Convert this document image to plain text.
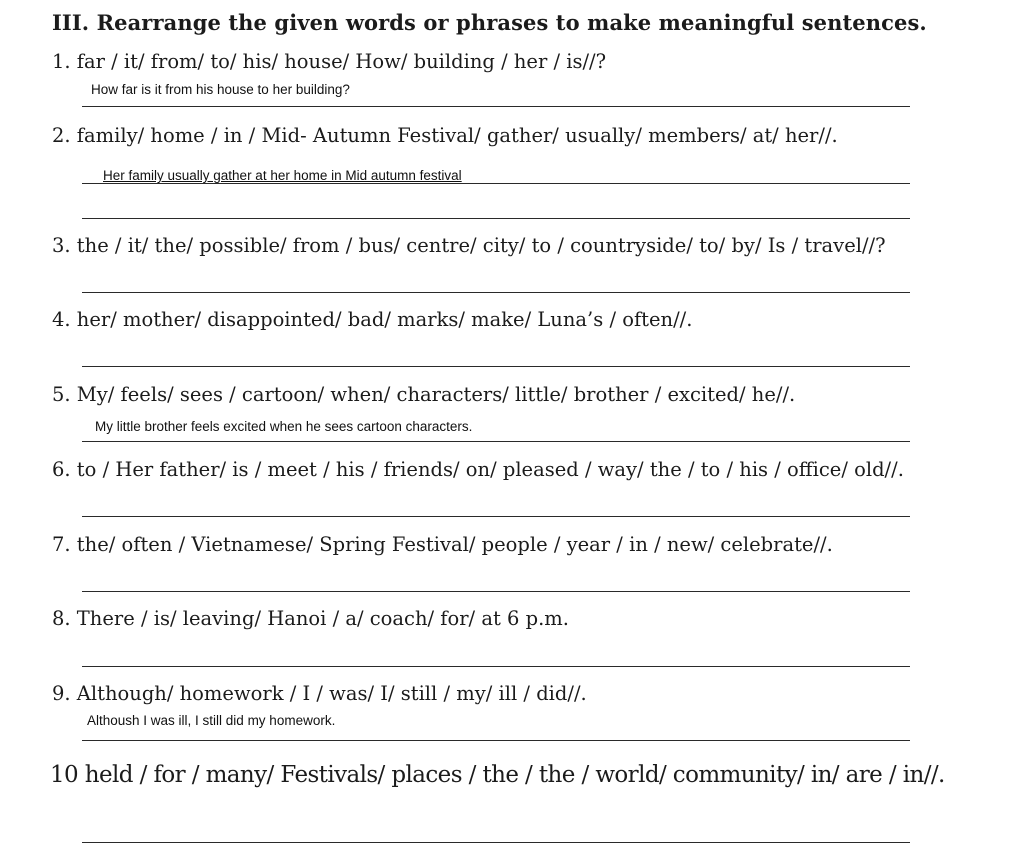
III. Rearrange the given words or phrases to make meaningful sentences.
1. far / it/ from/ to/ his/ house/ How/ building / her / is//?
How far is it from his house to her building?
2. family/ home / in / Mid- Autumn Festival/ gather/ usually/ members/ at/ her//.
Her family usually gather at her home in Mid autumn festival
3. the / it/ the/ possible/ from / bus/ centre/ city/ to / countryside/ to/ by/ Is / travel//?
4. her/ mother/ disappointed/ bad/ marks/ make/ Luna’s / often//.
5. My/ feels/ sees / cartoon/ when/ characters/ little/ brother / excited/ he//.
My little brother feels excited when he sees cartoon characters.
6. to / Her father/ is / meet / his / friends/ on/ pleased / way/ the / to / his / office/ old//.
7. the/ often / Vietnamese/ Spring Festival/ people / year / in / new/ celebrate//.
8. There / is/ leaving/ Hanoi / a/ coach/ for/ at 6 p.m.
9. Although/ homework / I / was/ I/ still / my/ ill / did//.
Althoush I was ill, I still did my homework.
10 held / for / many/ Festivals/ places / the / the / world/ community/ in/ are / in//.
